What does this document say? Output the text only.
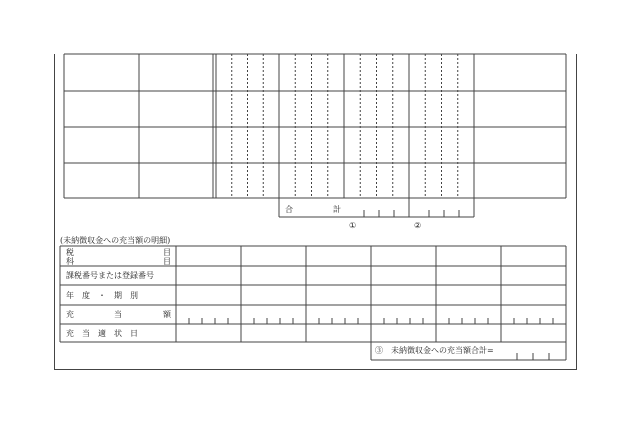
合	計
①	②
(未納徴収金への充当額の明細)
税
科
目
目
課税番号または登録番号
年　度　・　期　別
充	当	額
充　当　適　状　日
③　未納徴収金への充当額合計=
